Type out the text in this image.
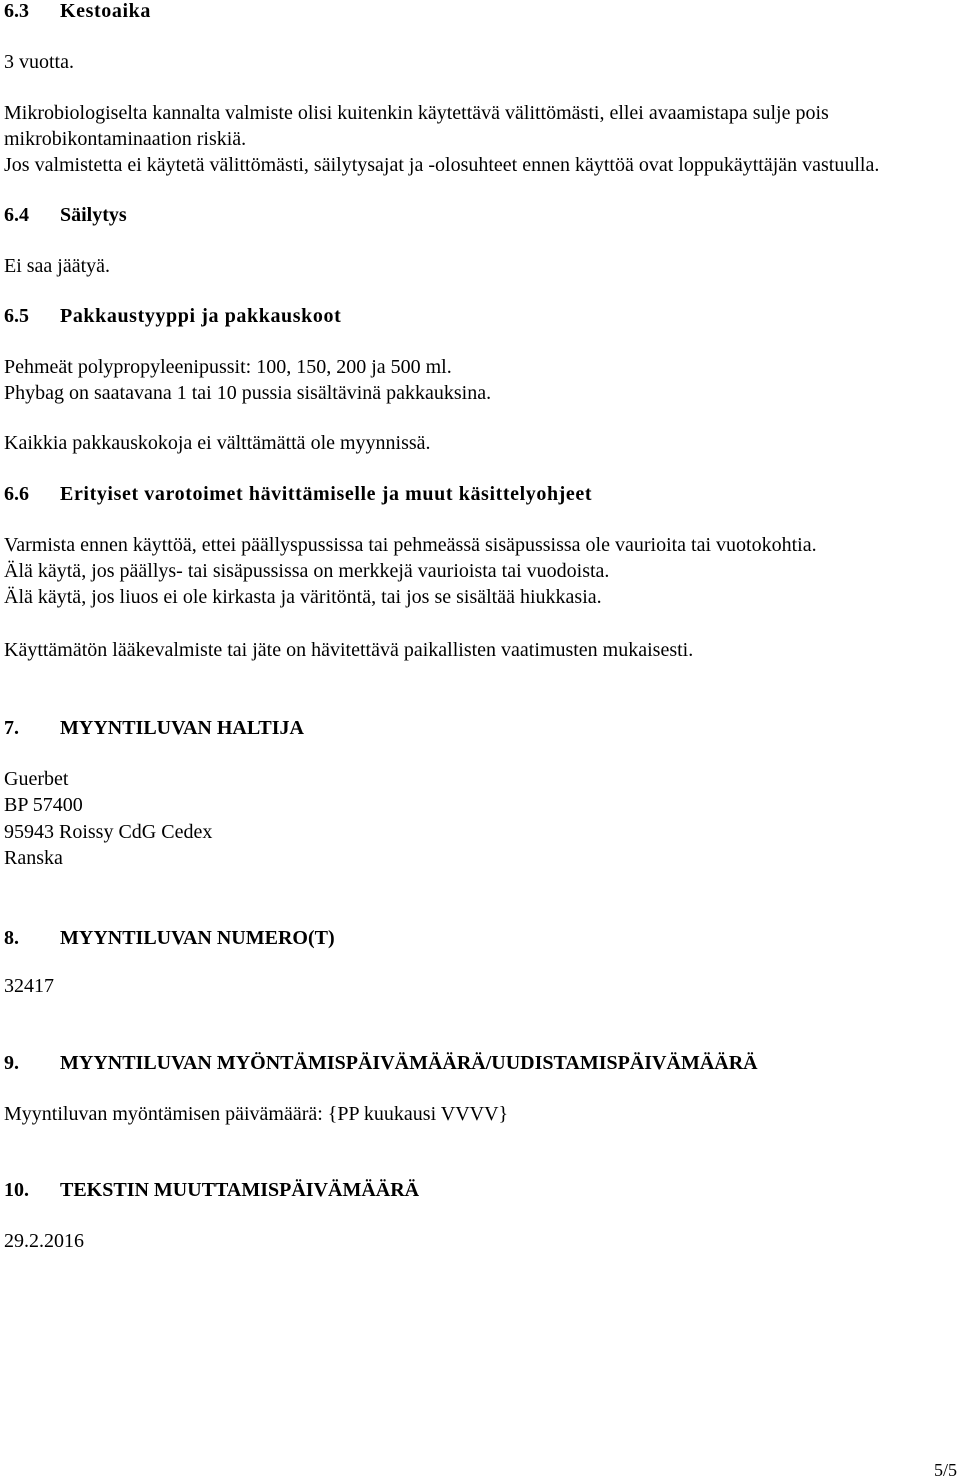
6.3 Kestoaika

3 vuotta.

Mikrobiologiselta kannalta valmiste olisi kuitenkin käytettävä välittömästi, ellei avaamistapa sulje pois

mikrobikontaminaation riskiä.

Jos valmistetta ei käytetä välittömästi, säilytysajat ja -olosuhteet ennen käyttöä ovat loppukäyttäjän vastuulla.

6.4 Säilytys

Ei saa jäätyä.

6.5 Pakkaustyyppi ja pakkauskoot

Pehmeät polypropyleenipussit: 100, 150, 200 ja 500 ml.

Phybag on saatavana 1 tai 10 pussia sisältävinä pakkauksina.

Kaikkia pakkauskokoja ei välttämättä ole myynnissä.

6.6 Erityiset varotoimet hävittämiselle ja muut käsittelyohjeet

Varmista ennen käyttöä, ettei päällyspussissa tai pehmeässä sisäpussissa ole vaurioita tai vuotokohtia.

Älä käytä, jos päällys- tai sisäpussissa on merkkejä vaurioista tai vuodoista.

Älä käytä, jos liuos ei ole kirkasta ja väritöntä, tai jos se sisältää hiukkasia.

Käyttämätön lääkevalmiste tai jäte on hävitettävä paikallisten vaatimusten mukaisesti.

7. MYYNTILUVAN HALTIJA

Guerbet

BP 57400

95943 Roissy CdG Cedex

Ranska

8. MYYNTILUVAN NUMERO(T)

32417

9. MYYNTILUVAN MYÖNTÄMISPÄIVÄMÄÄRÄ/UUDISTAMISPÄIVÄMÄÄRÄ

Myyntiluvan myöntämisen päivämäärä: {PP kuukausi VVVV}

10. TEKSTIN MUUTTAMISPÄIVÄMÄÄRÄ

29.2.2016

5/5
